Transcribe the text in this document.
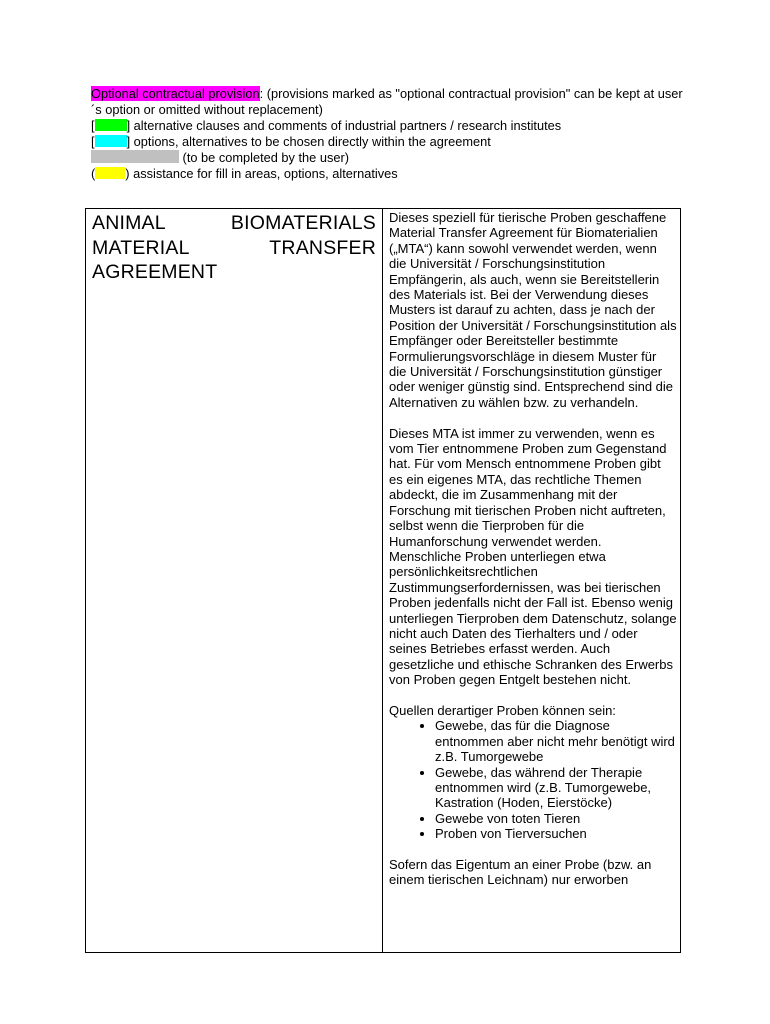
Optional contractual provision: (provisions marked as "optional contractual provision" can be kept at user´s option or omitted without replacement)
[	] alternative clauses and comments of industrial partners / research institutes
[	] options, alternatives to be chosen directly within the agreement
(to be completed by the user)
( ) assistance for fill in areas, options, alternatives
ANIMAL BIOMATERIALS MATERIAL TRANSFER AGREEMENT

Dieses speziell für tierische Proben geschaffene Material Transfer Agreement für Biomaterialien („MTA“) kann sowohl verwendet werden, wenn die Universität / Forschungsinstitution Empfängerin, als auch, wenn sie Bereitstellerin des Materials ist. Bei der Verwendung dieses Musters ist darauf zu achten, dass je nach der Position der Universität / Forschungsinstitution als Empfänger oder Bereitsteller bestimmte Formulierungsvorschläge in diesem Muster für die Universität / Forschungsinstitution günstiger oder weniger günstig sind. Entsprechend sind die Alternativen zu wählen bzw. zu verhandeln.

Dieses MTA ist immer zu verwenden, wenn es vom Tier entnommene Proben zum Gegenstand hat. Für vom Mensch entnommene Proben gibt es ein eigenes MTA, das rechtliche Themen abdeckt, die im Zusammenhang mit der Forschung mit tierischen Proben nicht auftreten, selbst wenn die Tierproben für die Humanforschung verwendet werden. Menschliche Proben unterliegen etwa persönlichkeitsrechtlichen Zustimmungserfordernissen, was bei tierischen Proben jedenfalls nicht der Fall ist. Ebenso wenig unterliegen Tierproben dem Datenschutz, solange nicht auch Daten des Tierhalters und / oder seines Betriebes erfasst werden. Auch gesetzliche und ethische Schranken des Erwerbs von Proben gegen Entgelt bestehen nicht.

Quellen derartiger Proben können sein:
• Gewebe, das für die Diagnose entnommen aber nicht mehr benötigt wird z.B. Tumorgewebe
• Gewebe, das während der Therapie entnommen wird (z.B. Tumorgewebe, Kastration (Hoden, Eierstöcke)
• Gewebe von toten Tieren
• Proben von Tierversuchen

Sofern das Eigentum an einer Probe (bzw. an einem tierischen Leichnam) nur erworben
